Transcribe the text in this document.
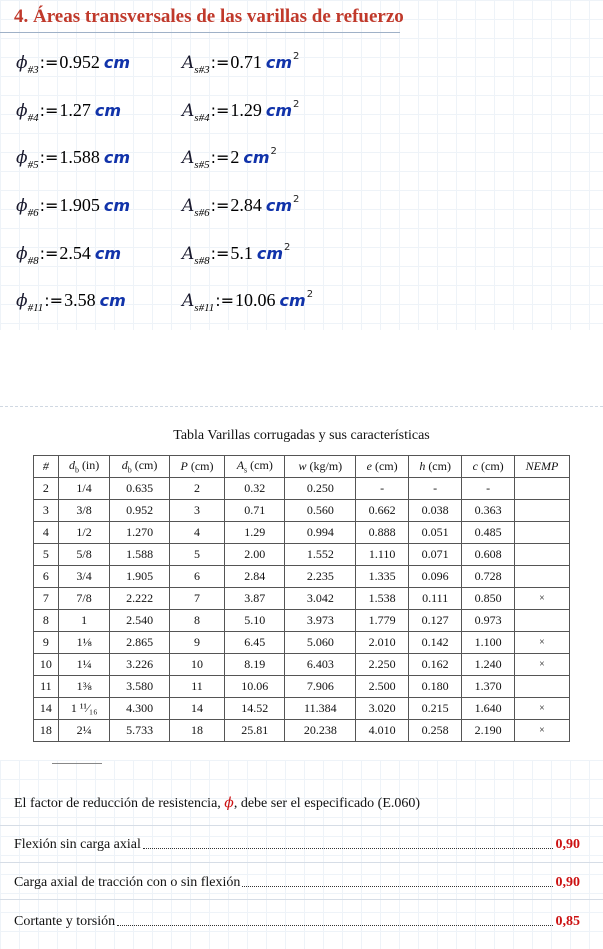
4. Áreas transversales de las varillas de refuerzo
$\phi_{\#3}:=0.952$ cm	$A_{s\#3}:=0.71$ $cm^2$
$\phi_{\#4}:=1.27$ cm	$A_{s\#4}:=1.29$ $cm^2$
$\phi_{\#5}:=1.588$ cm	$A_{s\#5}:=2$ $cm^2$
$\phi_{\#6}:=1.905$ cm	$A_{s\#6}:=2.84$ $cm^2$
$\phi_{\#8}:=2.54$ cm	$A_{s\#8}:=5.1$ $cm^2$
$\phi_{\#11}:=3.58$ cm	$A_{s\#11}:=10.06$ $cm^2$
Tabla Varillas corrugadas y sus características
#	$d_b$ (in)	$d_b$ (cm)	P (cm)	$A_s$ (cm)	w (kg/m)	e (cm)	h (cm)	c (cm)	NEMP
2	1/4	0.635	2	0.32	0.250	-	-	-	
3	3/8	0.952	3	0.71	0.560	0.662	0.038	0.363	
4	1/2	1.270	4	1.29	0.994	0.888	0.051	0.485	
5	5/8	1.588	5	2.00	1.552	1.110	0.071	0.608	
6	3/4	1.905	6	2.84	2.235	1.335	0.096	0.728	
7	7/8	2.222	7	3.87	3.042	1.538	0.111	0.850	×
8	1	2.540	8	5.10	3.973	1.779	0.127	0.973	
9	1⅛	2.865	9	6.45	5.060	2.010	0.142	1.100	×
10	1¼	3.226	10	8.19	6.403	2.250	0.162	1.240	×
11	1⅜	3.580	11	10.06	7.906	2.500	0.180	1.370	
14	1 ¹¹⁄₁₆	4.300	14	14.52	11.384	3.020	0.215	1.640	×
18	2¼	5.733	18	25.81	20.238	4.010	0.258	2.190	×
El factor de reducción de resistencia, ϕ, debe ser el especificado (E.060)
Flexión sin carga axial	0,90
Carga axial de tracción con o sin flexión	0,90
Cortante y torsión	0,85
